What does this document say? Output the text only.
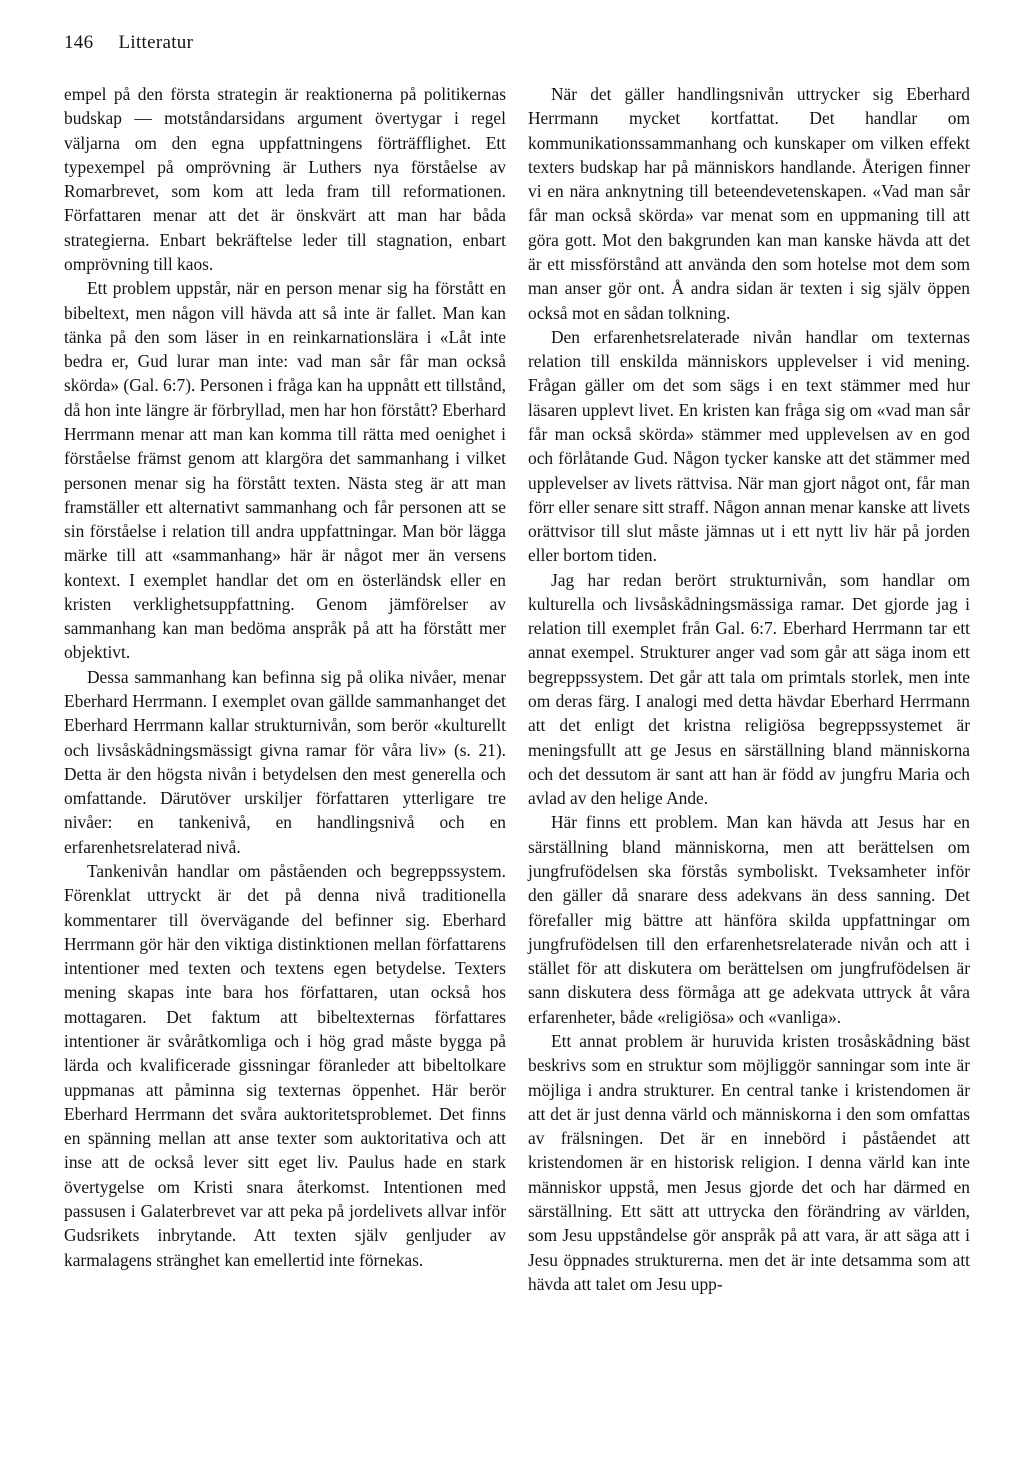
146 Litteratur

empel på den första strategin är reaktionerna på politikernas budskap — motståndarsidans argument övertygar i regel väljarna om den egna uppfattningens förträfflighet. Ett typexempel på omprövning är Luthers nya förståelse av Romarbrevet, som kom att leda fram till reformationen. Författaren menar att det är önskvärt att man har båda strategierna. Enbart bekräftelse leder till stagnation, enbart omprövning till kaos.

Ett problem uppstår, när en person menar sig ha förstått en bibeltext, men någon vill hävda att så inte är fallet. Man kan tänka på den som läser in en reinkarnationslära i «Låt inte bedra er, Gud lurar man inte: vad man sår får man också skörda» (Gal. 6:7). Personen i fråga kan ha uppnått ett tillstånd, då hon inte längre är förbryllad, men har hon förstått? Eberhard Herrmann menar att man kan komma till rätta med oenighet i förståelse främst genom att klargöra det sammanhang i vilket personen menar sig ha förstått texten. Nästa steg är att man framställer ett alternativt sammanhang och får personen att se sin förståelse i relation till andra uppfattningar. Man bör lägga märke till att «sammanhang» här är något mer än versens kontext. I exemplet handlar det om en österländsk eller en kristen verklighetsuppfattning. Genom jämförelser av sammanhang kan man bedöma anspråk på att ha förstått mer objektivt.

Dessa sammanhang kan befinna sig på olika nivåer, menar Eberhard Herrmann. I exemplet ovan gällde sammanhanget det Eberhard Herrmann kallar strukturnivån, som berör «kulturellt och livsåskådningsmässigt givna ramar för våra liv» (s. 21). Detta är den högsta nivån i betydelsen den mest generella och omfattande. Därutöver urskiljer författaren ytterligare tre nivåer: en tankenivå, en handlingsnivå och en erfarenhetsrelaterad nivå.

Tankenivån handlar om påståenden och begreppssystem. Förenklat uttryckt är det på denna nivå traditionella kommentarer till övervägande del befinner sig. Eberhard Herrmann gör här den viktiga distinktionen mellan författarens intentioner med texten och textens egen betydelse. Texters mening skapas inte bara hos författaren, utan också hos mottagaren. Det faktum att bibeltexternas författares intentioner är svåråtkomliga och i hög grad måste bygga på lärda och kvalificerade gissningar föranleder att bibeltolkare uppmanas att påminna sig texternas öppenhet. Här berör Eberhard Herrmann det svåra auktoritetsproblemet. Det finns en spänning mellan att anse texter som auktoritativa och att inse att de också lever sitt eget liv. Paulus hade en stark övertygelse om Kristi snara återkomst. Intentionen med passusen i Galaterbrevet var att peka på jordelivets allvar inför Gudsrikets inbrytande. Att texten själv genljuder av karmalagens stränghet kan emellertid inte förnekas.

När det gäller handlingsnivån uttrycker sig Eberhard Herrmann mycket kortfattat. Det handlar om kommunikationssammanhang och kunskaper om vilken effekt texters budskap har på människors handlande. Återigen finner vi en nära anknytning till beteendevetenskapen. «Vad man sår får man också skörda» var menat som en uppmaning till att göra gott. Mot den bakgrunden kan man kanske hävda att det är ett missförstånd att använda den som hotelse mot dem som man anser gör ont. Å andra sidan är texten i sig själv öppen också mot en sådan tolkning.

Den erfarenhetsrelaterade nivån handlar om texternas relation till enskilda människors upplevelser i vid mening. Frågan gäller om det som sägs i en text stämmer med hur läsaren upplevt livet. En kristen kan fråga sig om «vad man sår får man också skörda» stämmer med upplevelsen av en god och förlåtande Gud. Någon tycker kanske att det stämmer med upplevelser av livets rättvisa. När man gjort något ont, får man förr eller senare sitt straff. Någon annan menar kanske att livets orättvisor till slut måste jämnas ut i ett nytt liv här på jorden eller bortom tiden.

Jag har redan berört strukturnivån, som handlar om kulturella och livsåskådningsmässiga ramar. Det gjorde jag i relation till exemplet från Gal. 6:7. Eberhard Herrmann tar ett annat exempel. Strukturer anger vad som går att säga inom ett begreppssystem. Det går att tala om primtals storlek, men inte om deras färg. I analogi med detta hävdar Eberhard Herrmann att det enligt det kristna religiösa begreppssystemet är meningsfullt att ge Jesus en särställning bland människorna och det dessutom är sant att han är född av jungfru Maria och avlad av den helige Ande.

Här finns ett problem. Man kan hävda att Jesus har en särställning bland människorna, men att berättelsen om jungfrufödelsen ska förstås symboliskt. Tveksamheter inför den gäller då snarare dess adekvans än dess sanning. Det förefaller mig bättre att hänföra skilda uppfattningar om jungfrufödelsen till den erfarenhetsrelaterade nivån och att i stället för att diskutera om berättelsen om jungfrufödelsen är sann diskutera dess förmåga att ge adekvata uttryck åt våra erfarenheter, både «religiösa» och «vanliga».

Ett annat problem är huruvida kristen trosåskådning bäst beskrivs som en struktur som möjliggör sanningar som inte är möjliga i andra strukturer. En central tanke i kristendomen är att det är just denna värld och människorna i den som omfattas av frälsningen. Det är en innebörd i påståendet att kristendomen är en historisk religion. I denna värld kan inte människor uppstå, men Jesus gjorde det och har därmed en särställning. Ett sätt att uttrycka den förändring av världen, som Jesu uppståndelse gör anspråk på att vara, är att säga att i Jesu öppnades strukturerna. men det är inte detsamma som att hävda att talet om Jesu upp-
